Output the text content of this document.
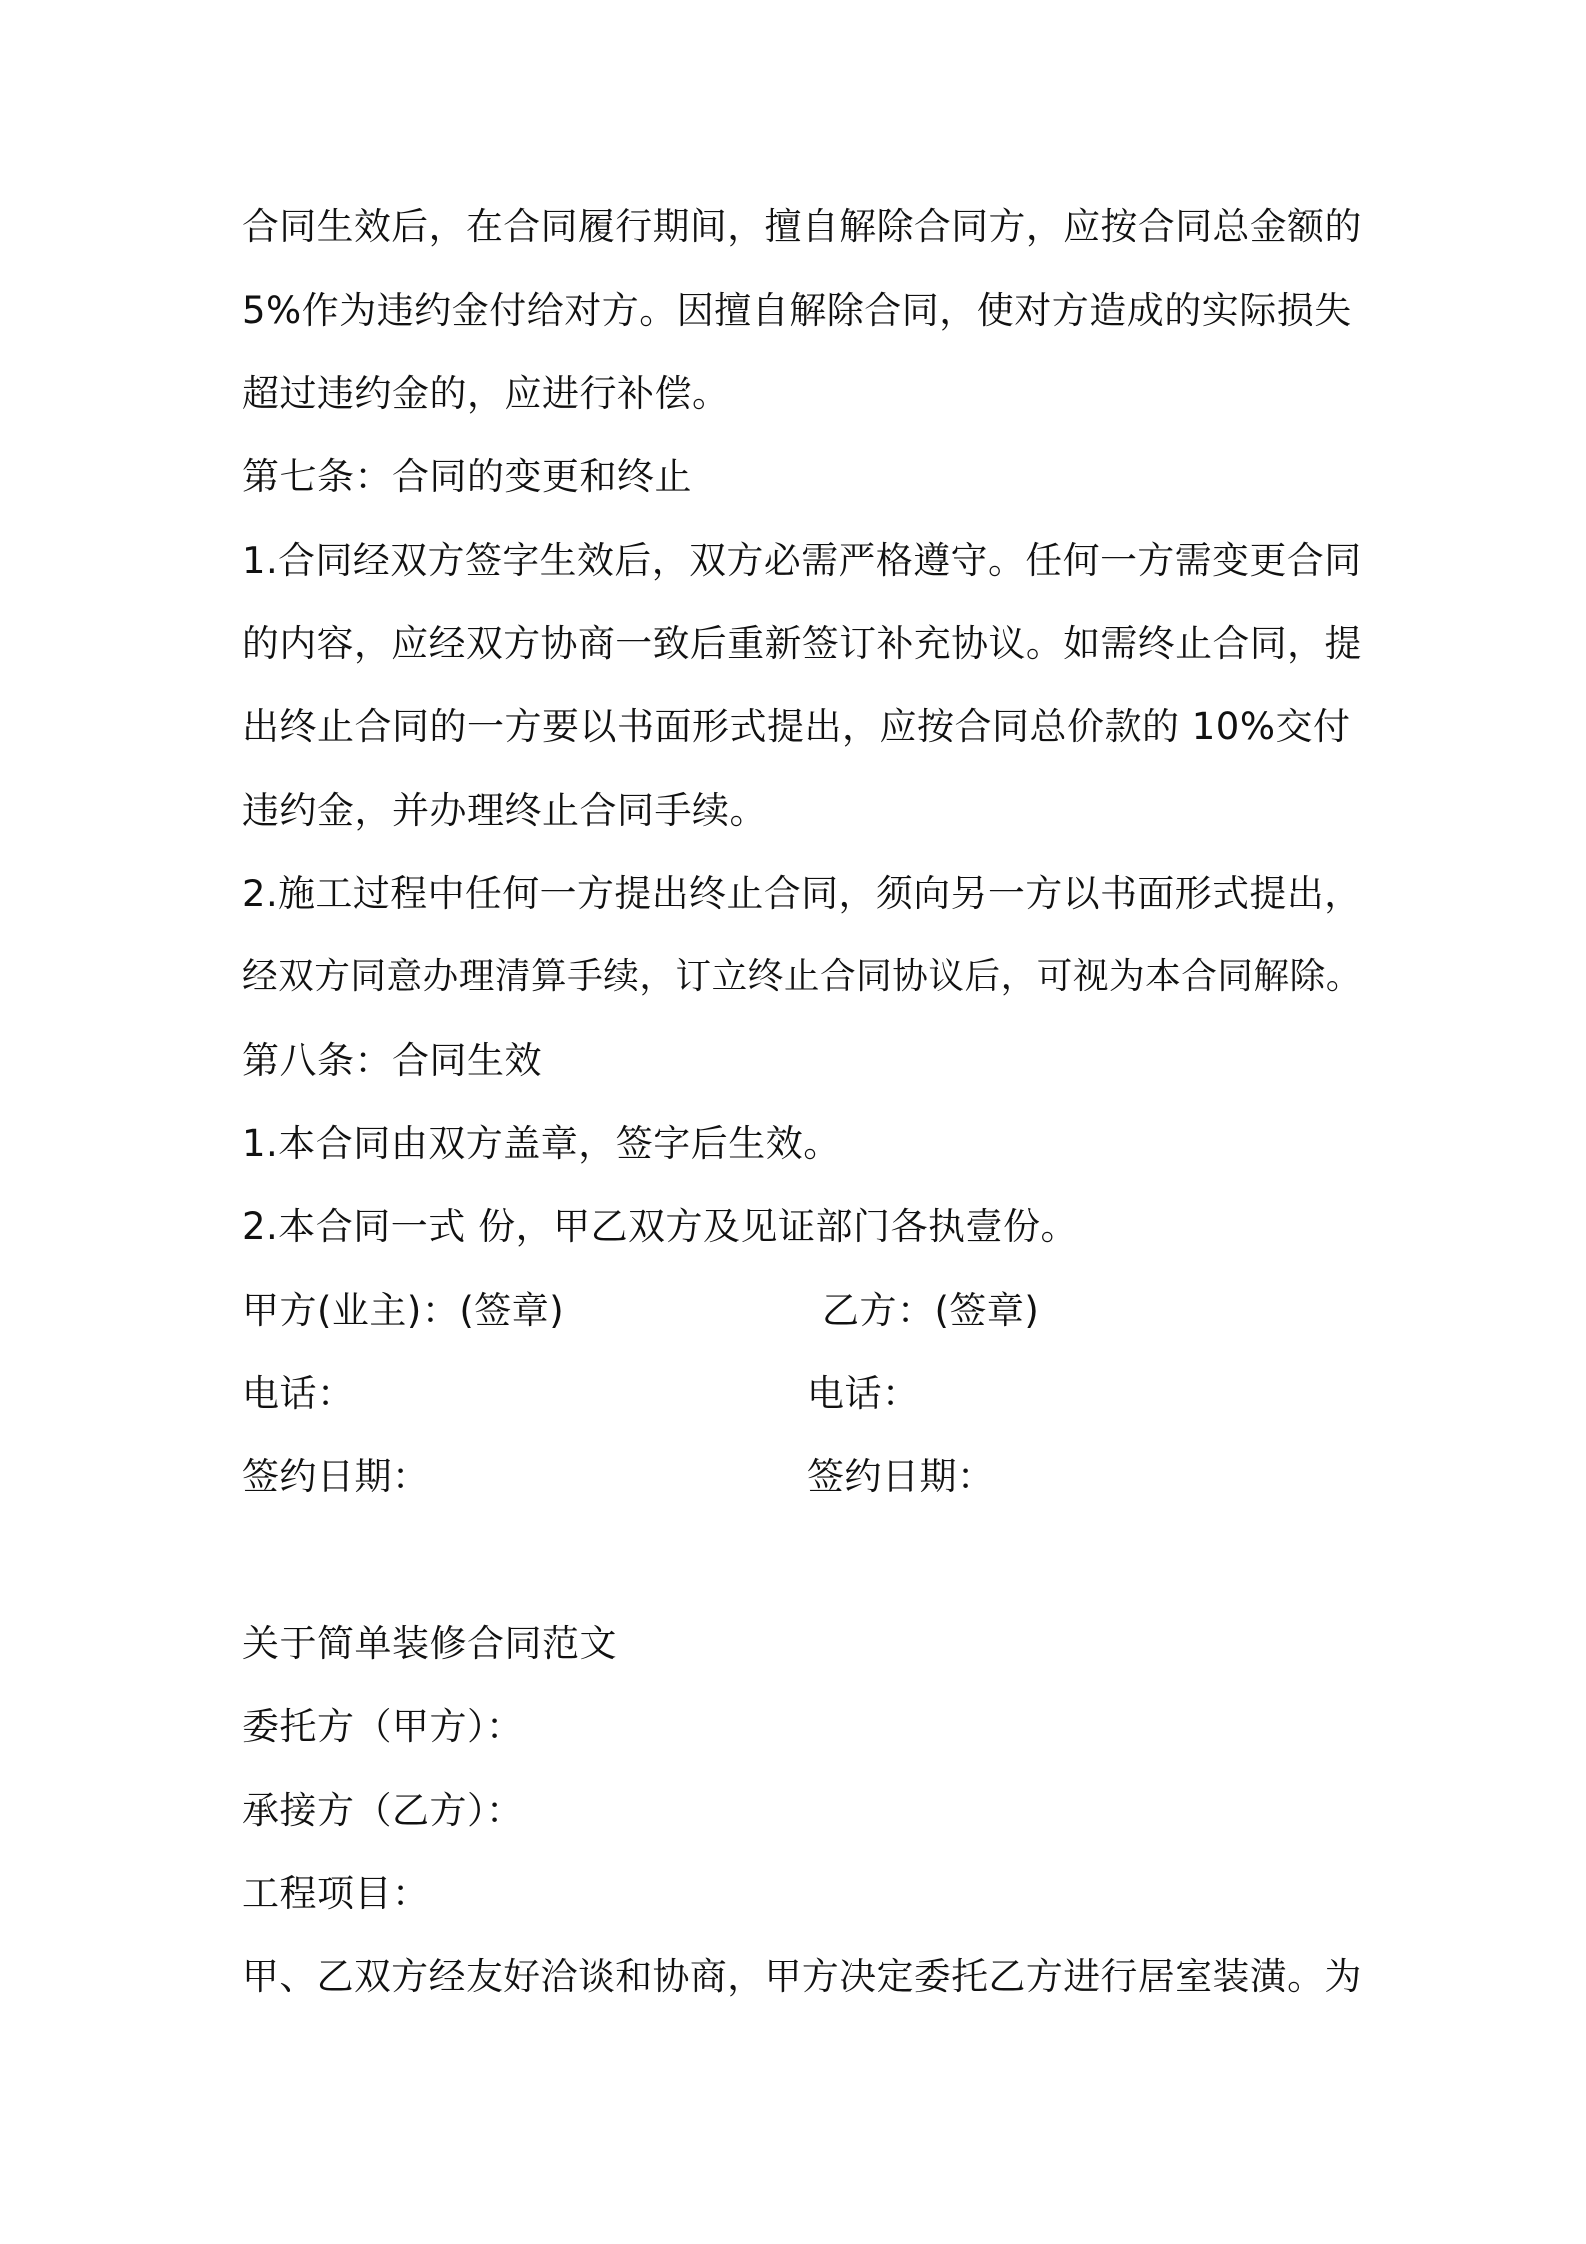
合同生效后，在合同履行期间，擅自解除合同方，应按合同总金额的
5%作为违约金付给对方。因擅自解除合同，使对方造成的实际损失
超过违约金的，应进行补偿。
第七条：合同的变更和终止
1.合同经双方签字生效后，双方必需严格遵守。任何一方需变更合同
的内容，应经双方协商一致后重新签订补充协议。如需终止合同，提
出终止合同的一方要以书面形式提出，应按合同总价款的 10%交付
违约金，并办理终止合同手续。
2.施工过程中任何一方提出终止合同，须向另一方以书面形式提出，
经双方同意办理清算手续，订立终止合同协议后，可视为本合同解除。
第八条：合同生效
1.本合同由双方盖章，签字后生效。
2.本合同一式 份，甲乙双方及见证部门各执壹份。
甲方(业主)：(签章)	乙方：(签章)
电话：	电话：
签约日期：	签约日期：
关于简单装修合同范文
委托方（甲方）：
承接方（乙方）：
工程项目：
甲、乙双方经友好洽谈和协商，甲方决定委托乙方进行居室装潢。为
